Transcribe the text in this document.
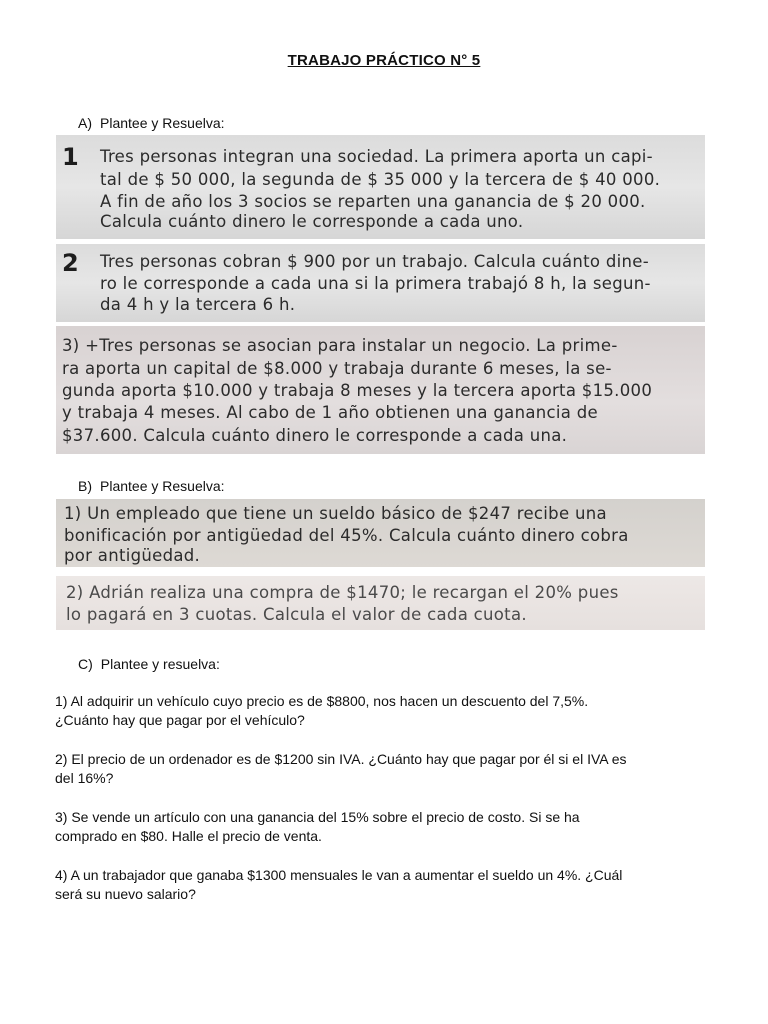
TRABAJO PRÁCTICO N° 5
A) Plantee y Resuelva:
1 Tres personas integran una sociedad. La primera aporta un capi-
tal de $ 50 000, la segunda de $ 35 000 y la tercera de $ 40 000.
A fin de año los 3 socios se reparten una ganancia de $ 20 000.
Calcula cuánto dinero le corresponde a cada uno.
2 Tres personas cobran $ 900 por un trabajo. Calcula cuánto dine-
ro le corresponde a cada una si la primera trabajó 8 h, la segun-
da 4 h y la tercera 6 h.
3) +Tres personas se asocian para instalar un negocio. La prime-
ra aporta un capital de $8.000 y trabaja durante 6 meses, la se-
gunda aporta $10.000 y trabaja 8 meses y la tercera aporta $15.000
y trabaja 4 meses. Al cabo de 1 año obtienen una ganancia de
$37.600. Calcula cuánto dinero le corresponde a cada una.
B) Plantee y Resuelva:
1) Un empleado que tiene un sueldo básico de $247 recibe una
bonificación por antigüedad del 45%. Calcula cuánto dinero cobra
por antigüedad.
2) Adrián realiza una compra de $1470; le recargan el 20% pues
lo pagará en 3 cuotas. Calcula el valor de cada cuota.
C) Plantee y resuelva:
1) Al adquirir un vehículo cuyo precio es de $8800, nos hacen un descuento del 7,5%.
¿Cuánto hay que pagar por el vehículo?
2) El precio de un ordenador es de $1200 sin IVA. ¿Cuánto hay que pagar por él si el IVA es
del 16%?
3) Se vende un artículo con una ganancia del 15% sobre el precio de costo. Si se ha
comprado en $80. Halle el precio de venta.
4) A un trabajador que ganaba $1300 mensuales le van a aumentar el sueldo un 4%. ¿Cuál
será su nuevo salario?
